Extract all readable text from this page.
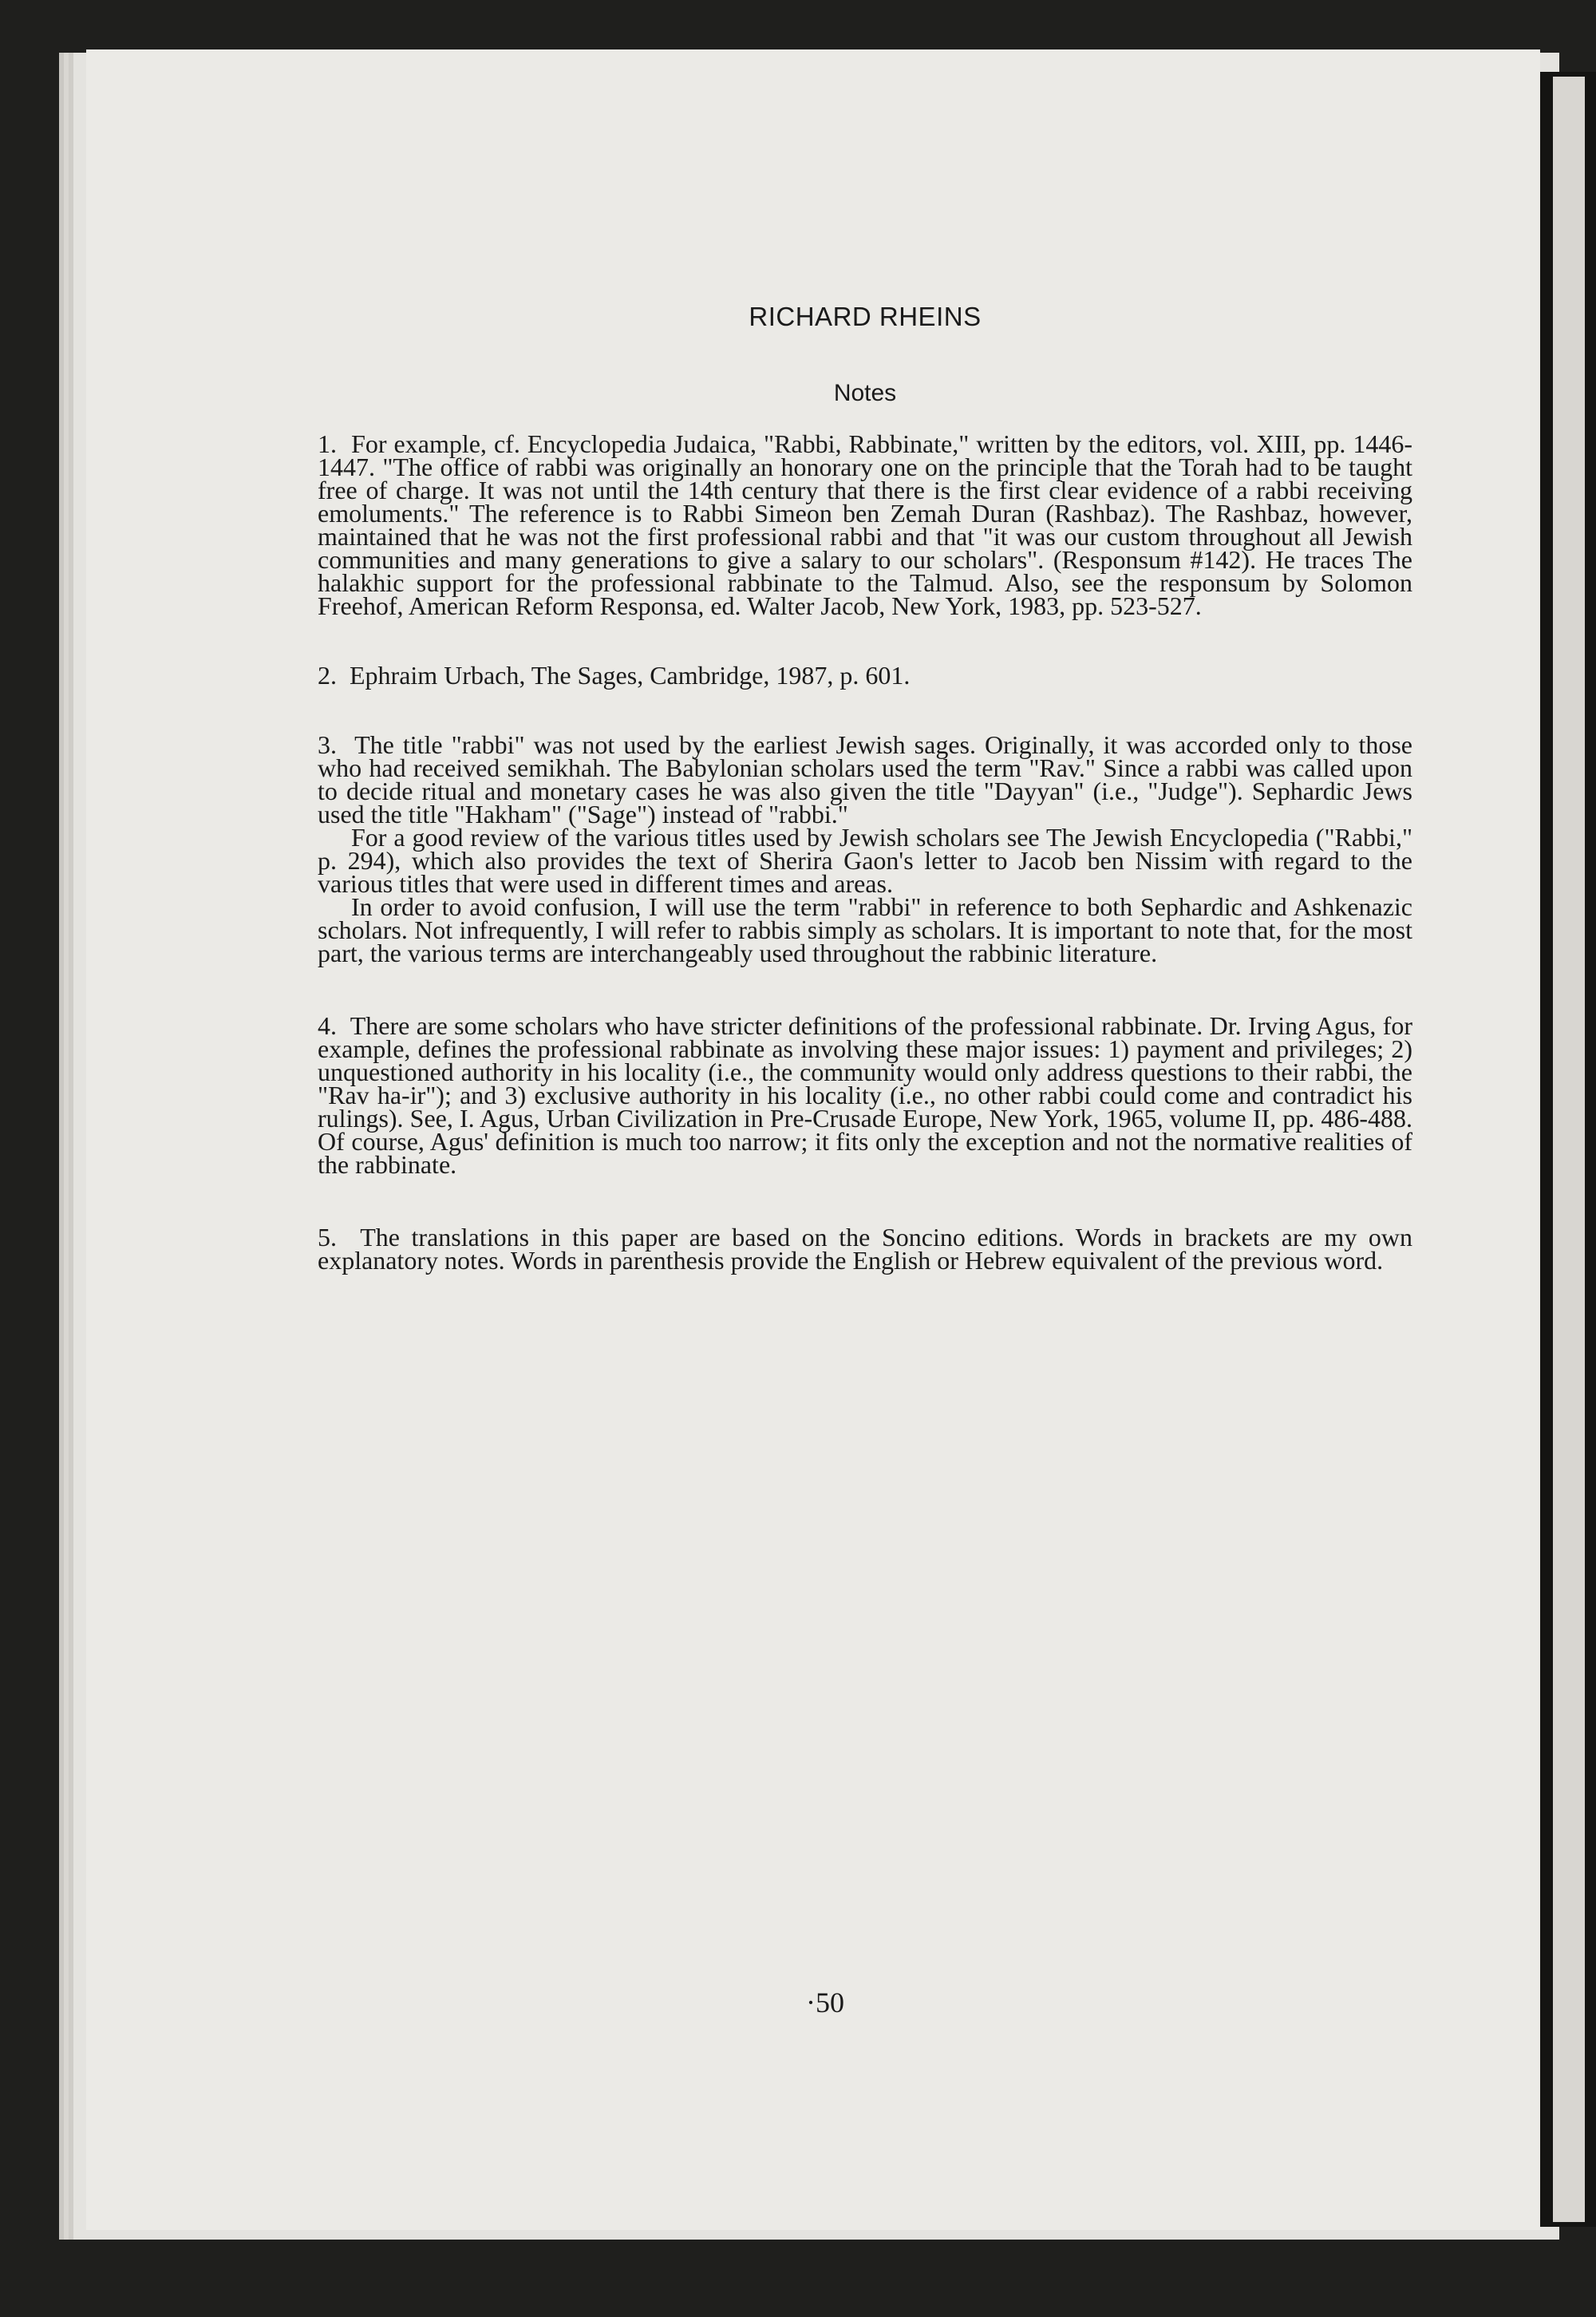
RICHARD RHEINS
Notes

1. For example, cf. Encyclopedia Judaica, "Rabbi, Rabbinate," written by the editors, vol. XIII, pp. 1446-1447. "The office of rabbi was originally an honorary one on the principle that the Torah had to be taught free of charge. It was not until the 14th century that there is the first clear evidence of a rabbi receiving emoluments." The reference is to Rabbi Simeon ben Zemah Duran (Rashbaz). The Rashbaz, however, maintained that he was not the first professional rabbi and that "it was our custom throughout all Jewish communities and many generations to give a salary to our scholars". (Responsum #142). He traces The halakhic support for the professional rabbinate to the Talmud. Also, see the responsum by Solomon Freehof, American Reform Responsa, ed. Walter Jacob, New York, 1983, pp. 523-527.

2. Ephraim Urbach, The Sages, Cambridge, 1987, p. 601.

3. The title "rabbi" was not used by the earliest Jewish sages. Originally, it was accorded only to those who had received semikhah. The Babylonian scholars used the term "Rav." Since a rabbi was called upon to decide ritual and monetary cases he was also given the title "Dayyan" (i.e., "Judge"). Sephardic Jews used the title "Hakham" ("Sage") instead of "rabbi."

For a good review of the various titles used by Jewish scholars see The Jewish Encyclopedia ("Rabbi," p. 294), which also provides the text of Sherira Gaon's letter to Jacob ben Nissim with regard to the various titles that were used in different times and areas.

In order to avoid confusion, I will use the term "rabbi" in reference to both Sephardic and Ashkenazic scholars. Not infrequently, I will refer to rabbis simply as scholars. It is important to note that, for the most part, the various terms are interchangeably used throughout the rabbinic literature.

4. There are some scholars who have stricter definitions of the professional rabbinate. Dr. Irving Agus, for example, defines the professional rabbinate as involving these major issues: 1) payment and privileges; 2) unquestioned authority in his locality (i.e., the community would only address questions to their rabbi, the "Rav ha-ir"); and 3) exclusive authority in his locality (i.e., no other rabbi could come and contradict his rulings). See, I. Agus, Urban Civilization in Pre-Crusade Europe, New York, 1965, volume II, pp. 486-488. Of course, Agus' definition is much too narrow; it fits only the exception and not the normative realities of the rabbinate.

5. The translations in this paper are based on the Soncino editions. Words in brackets are my own explanatory notes. Words in parenthesis provide the English or Hebrew equivalent of the previous word.

·50
